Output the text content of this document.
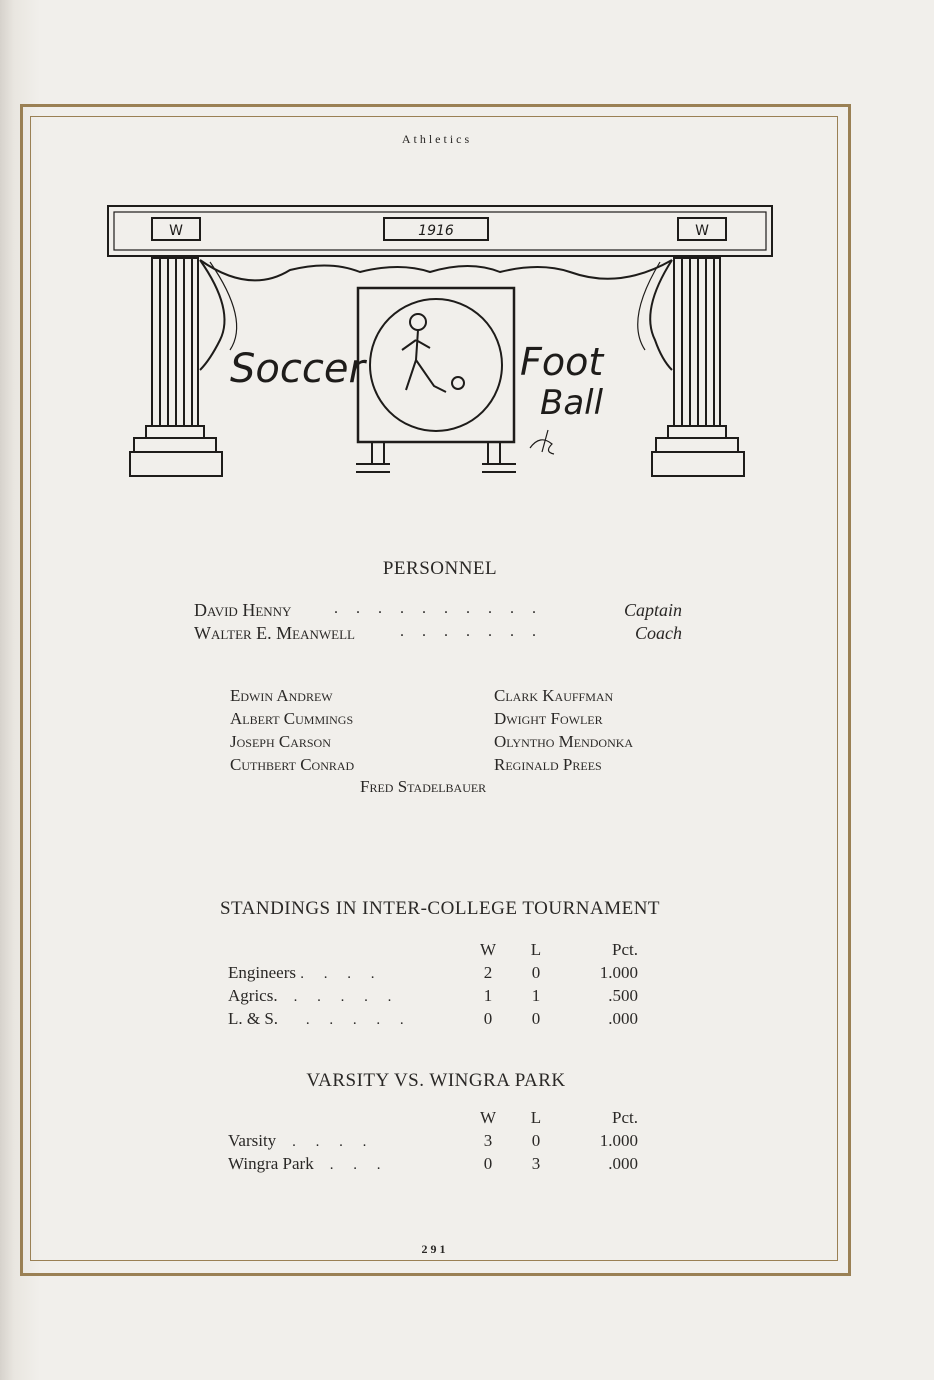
Athletics
W	1916	W
Soccer	Foot
Ball
PERSONNEL
David Henny	. . . . . . . . . .	Captain
Walter E. Meanwell	. . . . . . .	Coach
Edwin Andrew
Albert Cummings
Joseph Carson
Cuthbert Conrad
Clark Kauffman
Dwight Fowler
Olyntho Mendonka
Reginald Prees
Fred Stadelbauer
STANDINGS IN INTER-COLLEGE TOURNAMENT
	W	L	Pct.
Engineers . . . .	2	0	1.000
Agrics.  . . . . .	1	1	.500
L. & S.   . . . . .	0	0	.000
VARSITY VS. WINGRA PARK
	W	L	Pct.
Varsity  . . . .	3	0	1.000
Wingra Park  . . .	0	3	.000
291
